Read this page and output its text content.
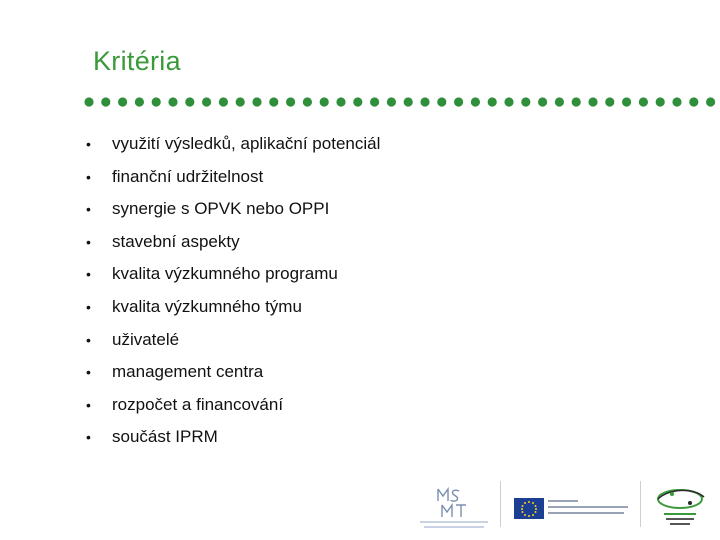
Kritéria
•	využití výsledků, aplikační potenciál
•	finanční udržitelnost
•	synergie s OPVK nebo OPPI
•	stavební aspekty
•	kvalita výzkumného programu
•	kvalita výzkumného týmu
•	uživatelé
•	management centra
•	rozpočet a financování
•	součást IPRM
